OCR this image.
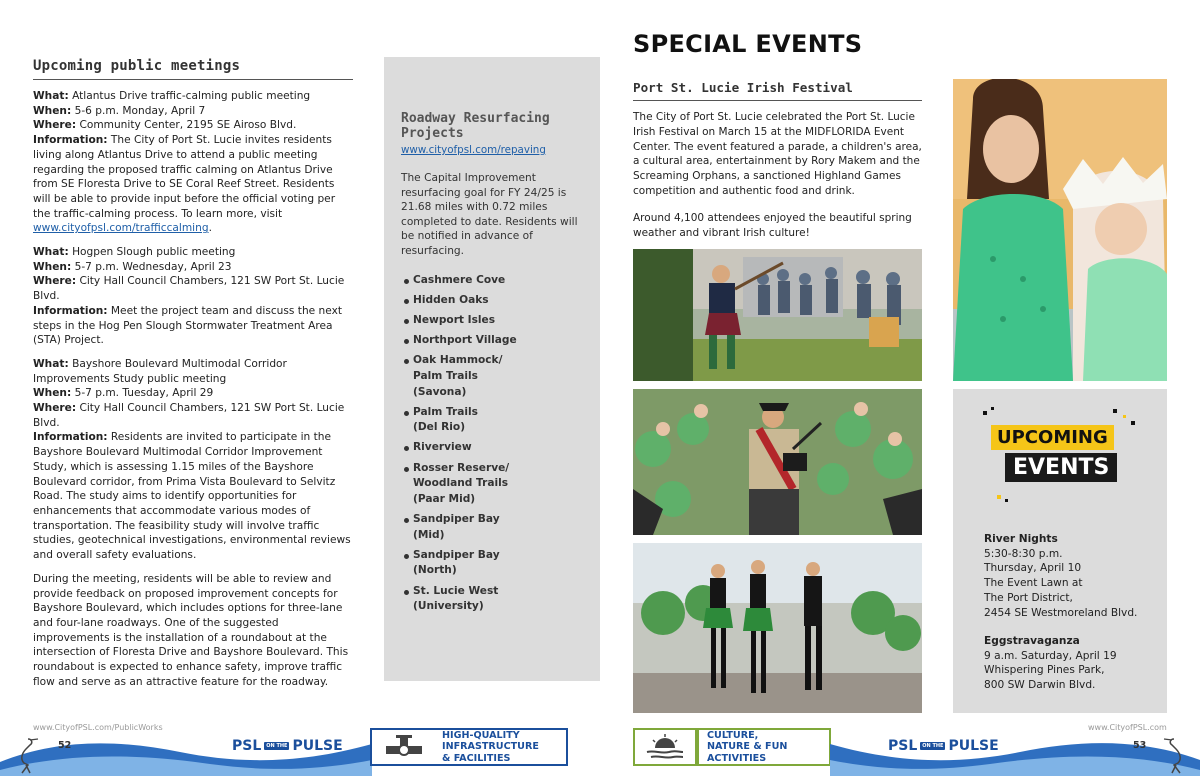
Upcoming public meetings
What: Atlantus Drive traffic-calming public meeting
When: 5-6 p.m. Monday, April 7
Where: Community Center, 2195 SE Airoso Blvd.
Information: The City of Port St. Lucie invites residents living along Atlantus Drive to attend a public meeting regarding the proposed traffic calming on Atlantus Drive from SE Floresta Drive to SE Coral Reef Street. Residents will be able to provide input before the official voting per the traffic-calming process. To learn more, visit www.cityofpsl.com/trafficcalming.
What: Hogpen Slough public meeting
When: 5-7 p.m. Wednesday, April 23
Where: City Hall Council Chambers, 121 SW Port St. Lucie Blvd.
Information: Meet the project team and discuss the next steps in the Hog Pen Slough Stormwater Treatment Area (STA) Project.
What: Bayshore Boulevard Multimodal Corridor Improvements Study public meeting
When: 5-7 p.m. Tuesday, April 29
Where: City Hall Council Chambers, 121 SW Port St. Lucie Blvd.
Information: Residents are invited to participate in the Bayshore Boulevard Multimodal Corridor Improvement Study, which is assessing 1.15 miles of the Bayshore Boulevard corridor, from Prima Vista Boulevard to Selvitz Road. The study aims to identify opportunities for enhancements that accommodate various modes of transportation. The feasibility study will involve traffic studies, geotechnical investigations, environmental reviews and overall safety evaluations.
During the meeting, residents will be able to review and provide feedback on proposed improvement concepts for Bayshore Boulevard, which includes options for three-lane and four-lane roadways. One of the suggested improvements is the installation of a roundabout at the intersection of Floresta Drive and Bayshore Boulevard. This roundabout is expected to enhance safety, improve traffic flow and serve as an attractive feature for the roadway.
Roadway Resurfacing Projects
www.cityofpsl.com/repaving
The Capital Improvement resurfacing goal for FY 24/25 is 21.68 miles with 0.72 miles completed to date. Residents will be notified in advance of resurfacing.
Cashmere Cove
Hidden Oaks
Newport Isles
Northport Village
Oak Hammock/
Palm Trails
(Savona)
Palm Trails
(Del Rio)
Riverview
Rosser Reserve/
Woodland Trails
(Paar Mid)
Sandpiper Bay
(Mid)
Sandpiper Bay
(North)
St. Lucie West
(University)
www.CityofPSL.com/PublicWorks
52	PSL	ON THE PULSE
HIGH-QUALITY
INFRASTRUCTURE
& FACILITIES
SPECIAL EVENTS
Port St. Lucie Irish Festival
The City of Port St. Lucie celebrated the Port St. Lucie Irish Festival on March 15 at the MIDFLORIDA Event Center. The event featured a parade, a children's area, a cultural area, entertainment by Rory Makem and the Screaming Orphans, a sanctioned Highland Games competition and authentic food and drink.
Around 4,100 attendees enjoyed the beautiful spring weather and vibrant Irish culture!
UPCOMING
EVENTS
River Nights
5:30-8:30 p.m.
Thursday, April 10
The Event Lawn at
The Port District,
2454 SE Westmoreland Blvd.
Eggstravaganza
9 a.m. Saturday, April 19
Whispering Pines Park,
800 SW Darwin Blvd.
www.CityofPSL.com
CULTURE,
NATURE & FUN
ACTIVITIES
PSL	ON THE PULSE	53
